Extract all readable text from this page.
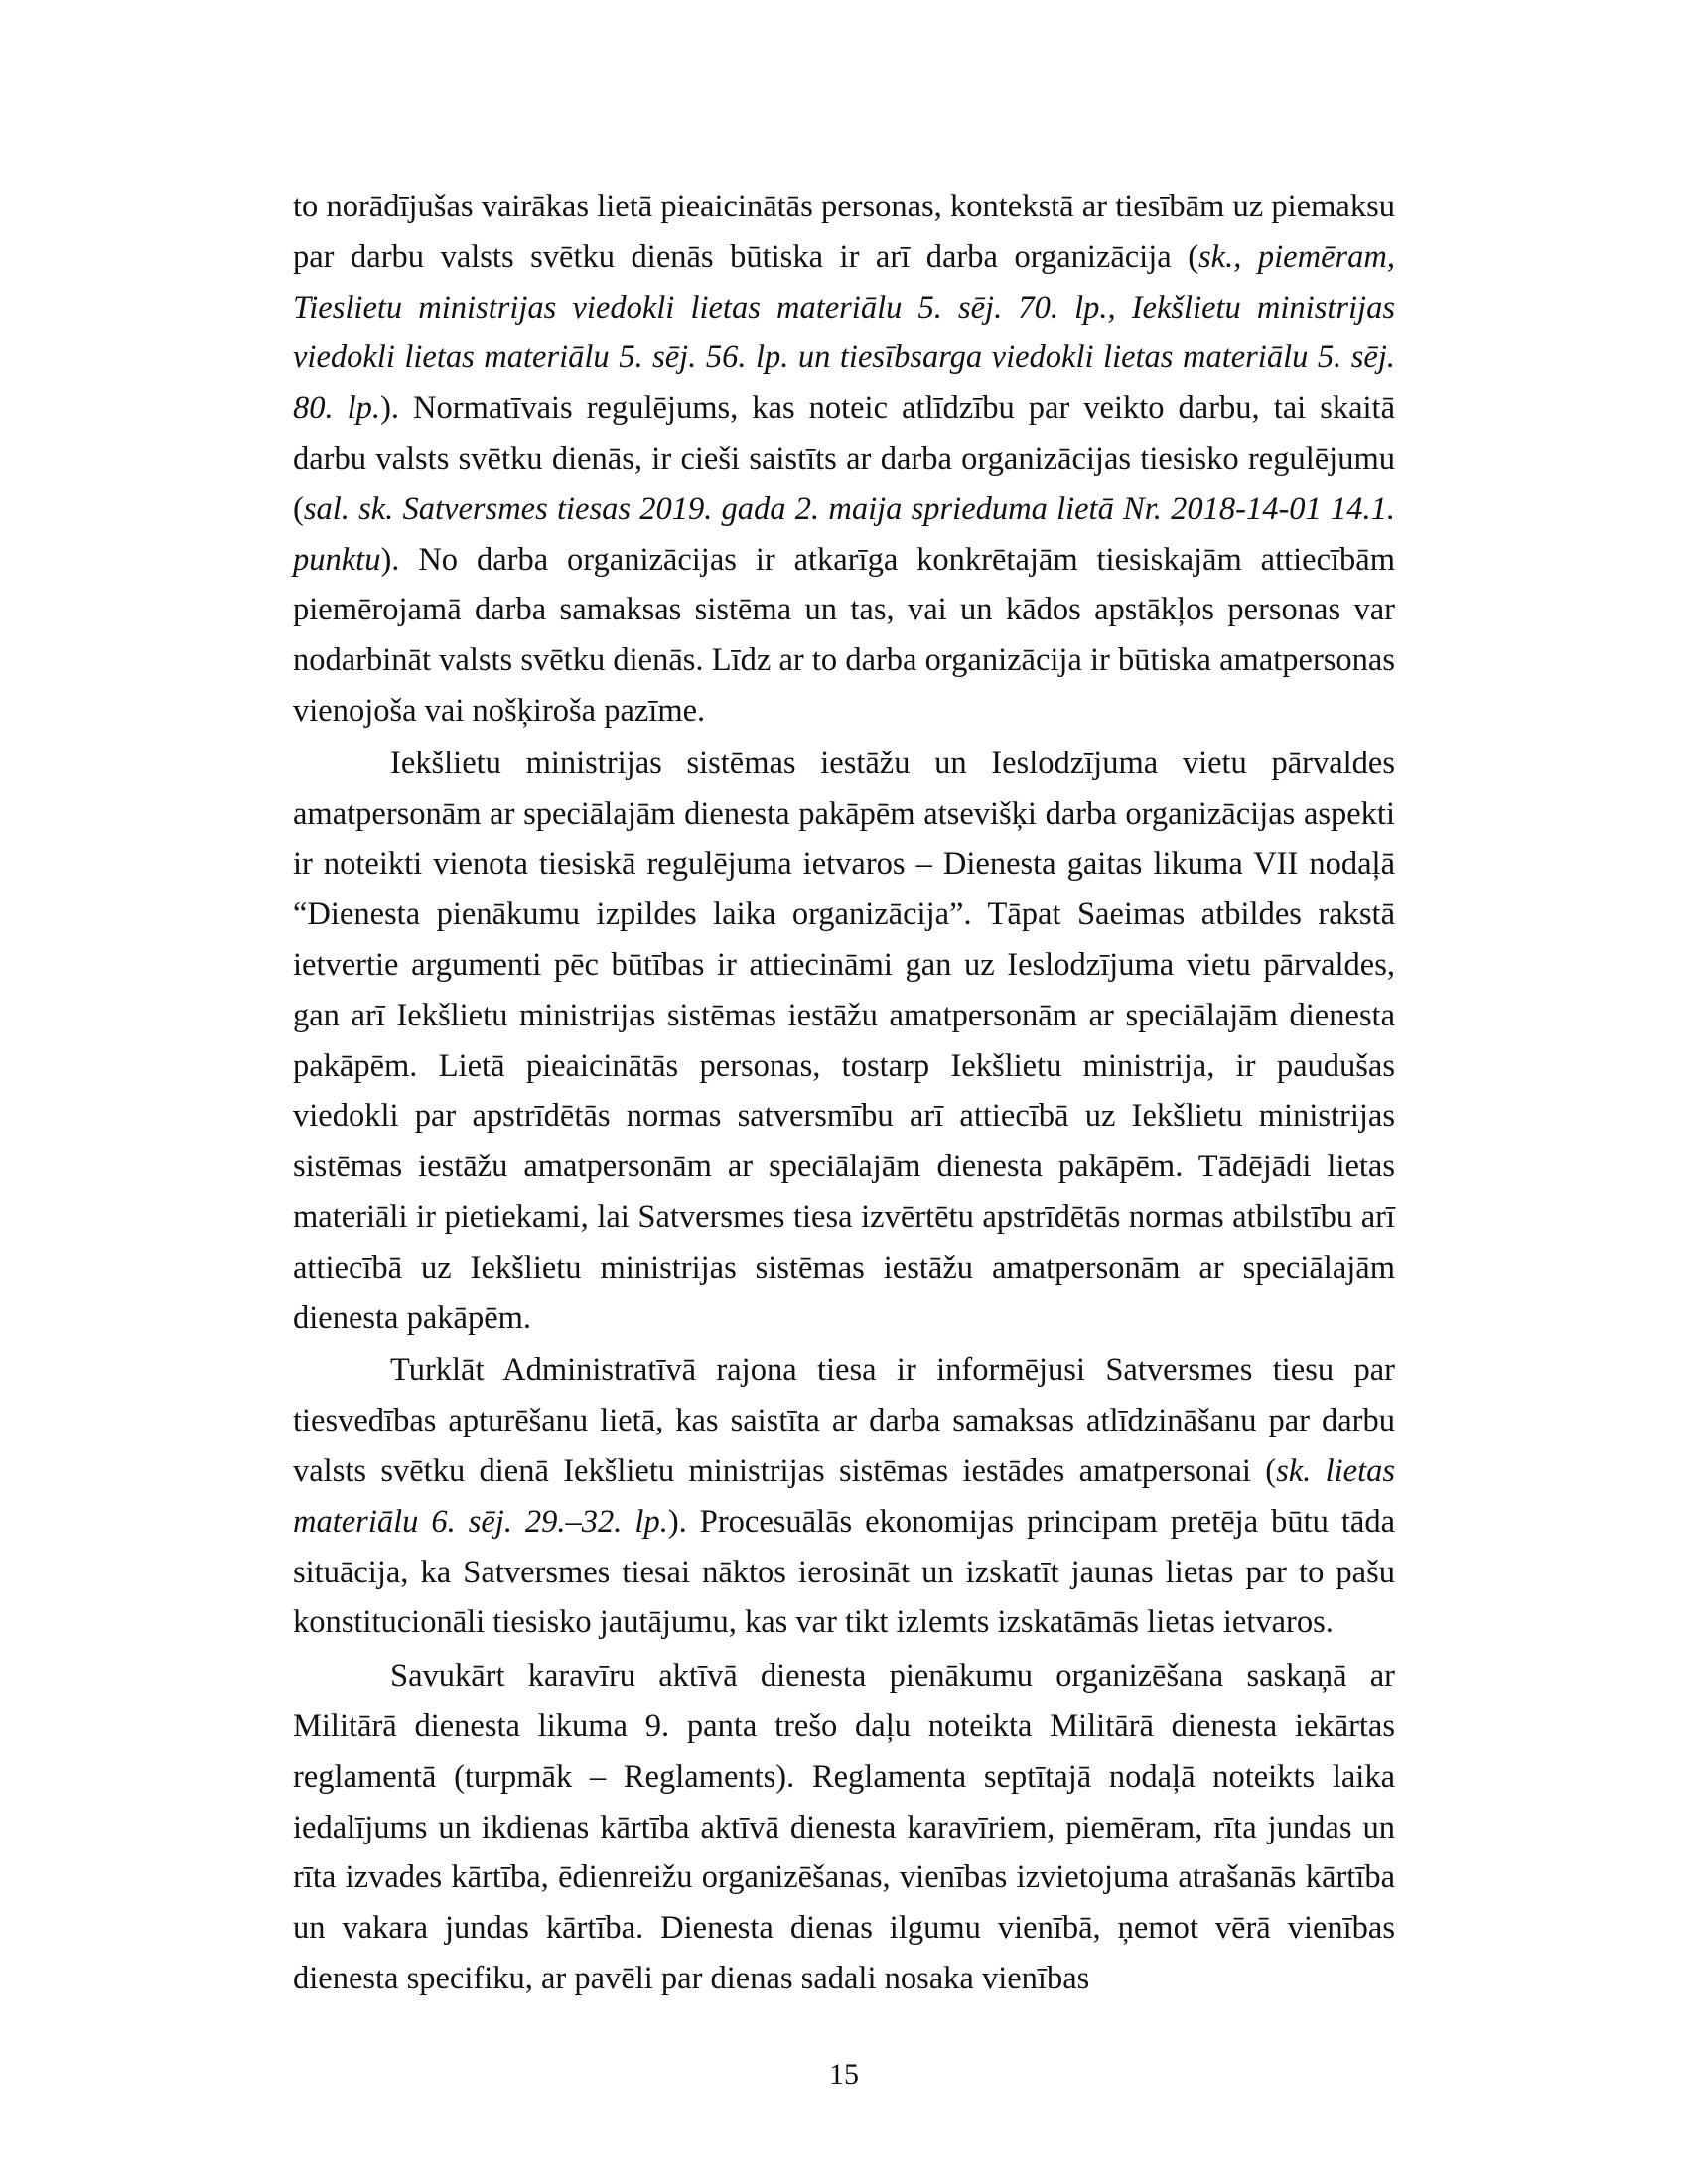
to norādījušas vairākas lietā pieaicinātās personas, kontekstā ar tiesībām uz piemaksu par darbu valsts svētku dienās būtiska ir arī darba organizācija (sk., piemēram, Tieslietu ministrijas viedokli lietas materiālu 5. sēj. 70. lp., Iekšlietu ministrijas viedokli lietas materiālu 5. sēj. 56. lp. un tiesībsarga viedokli lietas materiālu 5. sēj. 80. lp.). Normatīvais regulējums, kas noteic atlīdzību par veikto darbu, tai skaitā darbu valsts svētku dienās, ir cieši saistīts ar darba organizācijas tiesisko regulējumu (sal. sk. Satversmes tiesas 2019. gada 2. maija sprieduma lietā Nr. 2018-14-01 14.1. punktu). No darba organizācijas ir atkarīga konkrētajām tiesiskajām attiecībām piemērojamā darba samaksas sistēma un tas, vai un kādos apstākļos personas var nodarbināt valsts svētku dienās. Līdz ar to darba organizācija ir būtiska amatpersonas vienojoša vai nošķiroša pazīme.

Iekšlietu ministrijas sistēmas iestāžu un Ieslodzījuma vietu pārvaldes amatpersonām ar speciālajām dienesta pakāpēm atsevišķi darba organizācijas aspekti ir noteikti vienota tiesiskā regulējuma ietvaros – Dienesta gaitas likuma VII nodaļā “Dienesta pienākumu izpildes laika organizācija”. Tāpat Saeimas atbildes rakstā ietvertie argumenti pēc būtības ir attiecināmi gan uz Ieslodzījuma vietu pārvaldes, gan arī Iekšlietu ministrijas sistēmas iestāžu amatpersonām ar speciālajām dienesta pakāpēm. Lietā pieaicinātās personas, tostarp Iekšlietu ministrija, ir paudušas viedokli par apstrīdētās normas satversmību arī attiecībā uz Iekšlietu ministrijas sistēmas iestāžu amatpersonām ar speciālajām dienesta pakāpēm. Tādējādi lietas materiāli ir pietiekami, lai Satversmes tiesa izvērtētu apstrīdētās normas atbilstību arī attiecībā uz Iekšlietu ministrijas sistēmas iestāžu amatpersonām ar speciālajām dienesta pakāpēm.

Turklāt Administratīvā rajona tiesa ir informējusi Satversmes tiesu par tiesvedības apturēšanu lietā, kas saistīta ar darba samaksas atlīdzināšanu par darbu valsts svētku dienā Iekšlietu ministrijas sistēmas iestādes amatpersonai (sk. lietas materiālu 6. sēj. 29.–32. lp.). Procesuālās ekonomijas principam pretēja būtu tāda situācija, ka Satversmes tiesai nāktos ierosināt un izskatīt jaunas lietas par to pašu konstitucionāli tiesisko jautājumu, kas var tikt izlemts izskatāmās lietas ietvaros.

Savukārt karavīru aktīvā dienesta pienākumu organizēšana saskaņā ar Militārā dienesta likuma 9. panta trešo daļu noteikta Militārā dienesta iekārtas reglamentā (turpmāk – Reglaments). Reglamenta septītajā nodaļā noteikts laika iedalījums un ikdienas kārtība aktīvā dienesta karavīriem, piemēram, rīta jundas un rīta izvades kārtība, ēdienreižu organizēšanas, vienības izvietojuma atrašanās kārtība un vakara jundas kārtība. Dienesta dienas ilgumu vienībā, ņemot vērā vienības dienesta specifiku, ar pavēli par dienas sadali nosaka vienības

15
